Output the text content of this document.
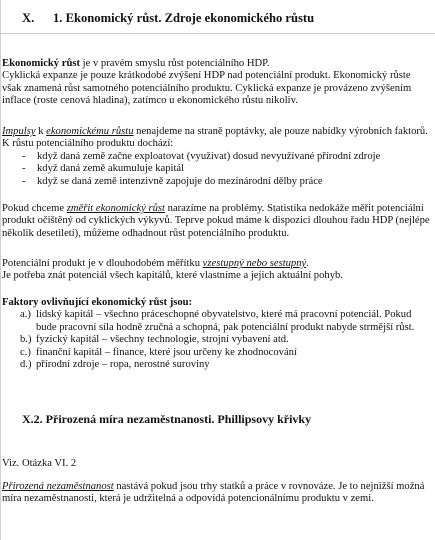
X. 1. Ekonomický růst. Zdroje ekonomického růstu

Ekonomický růst je v pravém smyslu růst potenciálního HDP.

Cyklická expanze je pouze krátkodobé zvýšení HDP nad potenciální produkt. Ekonomický růste však znamená růst samotného potenciálního produktu. Cyklická expanze je provázeno zvýšením inflace (roste cenová hladina), zatímco u ekonomického růstu nikoliv.

Impulsy k ekonomickému růstu nenajdeme na straně poptávky, ale pouze nabídky výrobních faktorů. K růstu potenciálního produktu dochází:

- když daná země začne exploatovat (využívat) dosud nevyužívané přírodní zdroje
- když daná země akumuluje kapitál
- když se daná země intenzivně zapojuje do mezinárodní dělby práce

Pokud chceme změřit ekonomický růst narazíme na problémy. Statistika nedokáže měřit potenciální produkt očištěný od cyklických výkyvů. Teprve pokud máme k dispozici dlouhou řadu HDP (nejlépe několik desetiletí), můžeme odhadnout růst potenciálního produktu.

Potenciální produkt je v dlouhodobém měřítku vzestupný nebo sestupný.

Je potřeba znát potenciál všech kapitálů, které vlastníme a jejich aktuální pohyb.

Faktory ovlivňující ekonomický růst jsou:

a.) lidský kapitál – všechno práceschopné obyvatelstvo, které má pracovní potenciál. Pokud bude pracovní síla hodně zručná a schopná, pak potenciální produkt nabyde strmější růst.
b.) fyzický kapitál – všechny technologie, strojní vybavení atd.
c.) finanční kapitál – finance, které jsou určeny ke zhodnocování
d.) přírodní zdroje – ropa, nerostné suroviny
X.2. Přirozená míra nezaměstnanosti. Phillipsovy křivky
Viz. Otázka VI. 2

Přirozená nezaměstnanost nastává pokud jsou trhy statků a práce v rovnováze. Je to nejnižší možná míra nezaměstnanosti, která je udržitelná a odpovídá potencionálnímu produktu v zemi.
